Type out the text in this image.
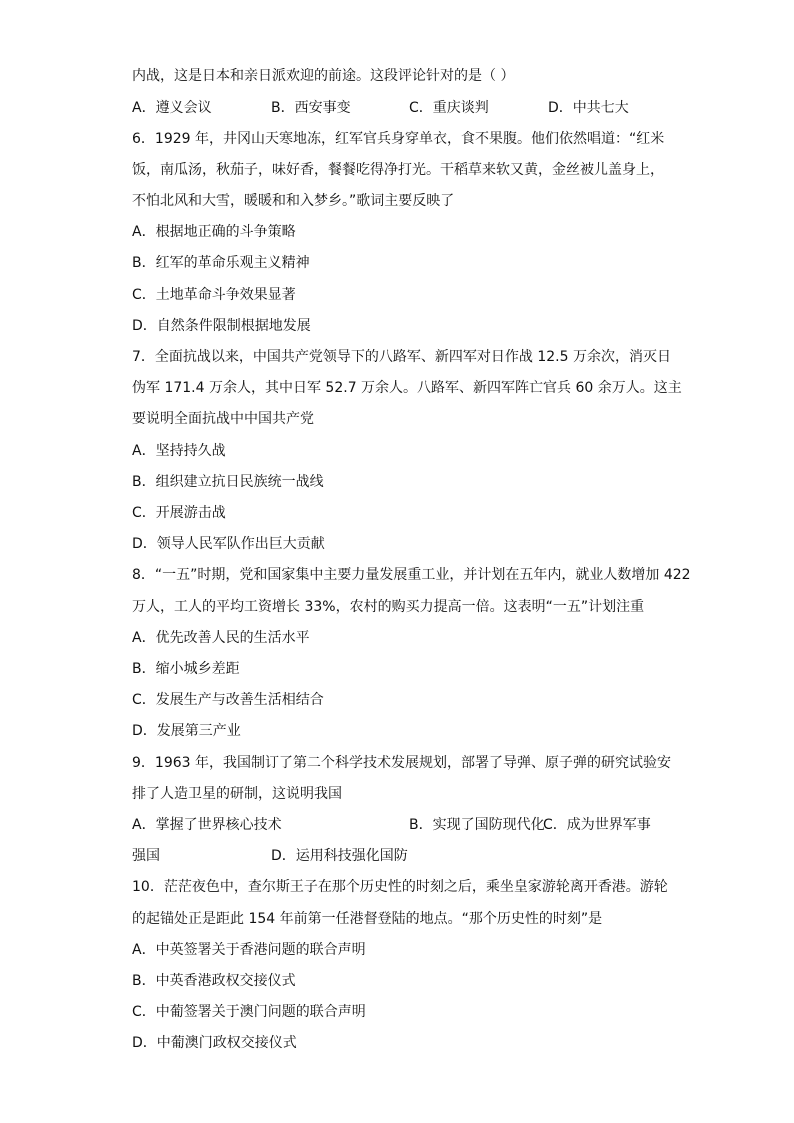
内战，这是日本和亲日派欢迎的前途。这段评论针对的是（ ）
A．遵义会议	B．西安事变	C．重庆谈判	D．中共七大
6．1929 年，井冈山天寒地冻，红军官兵身穿单衣，食不果腹。他们依然唱道：“红米
饭，南瓜汤，秋茄子，味好香，餐餐吃得净打光。干稻草来软又黄，金丝被儿盖身上，
不怕北风和大雪，暖暖和和入梦乡。”歌词主要反映了
A．根据地正确的斗争策略
B．红军的革命乐观主义精神
C．土地革命斗争效果显著
D．自然条件限制根据地发展
7．全面抗战以来，中国共产党领导下的八路军、新四军对日作战 12.5 万余次，消灭日
伪军 171.4 万余人，其中日军 52.7 万余人。八路军、新四军阵亡官兵 60 余万人。这主
要说明全面抗战中中国共产党
A．坚持持久战
B．组织建立抗日民族统一战线
C．开展游击战
D．领导人民军队作出巨大贡献
8．“一五”时期，党和国家集中主要力量发展重工业，并计划在五年内，就业人数增加 422
万人，工人的平均工资增长 33%，农村的购买力提高一倍。这表明“一五”计划注重
A．优先改善人民的生活水平
B．缩小城乡差距
C．发展生产与改善生活相结合
D．发展第三产业
9．1963 年，我国制订了第二个科学技术发展规划，部署了导弹、原子弹的研究试验安
排了人造卫星的研制，这说明我国
A．掌握了世界核心技术	B．实现了国防现代化
C．成为世界军事
强国	D．运用科技强化国防
10．茫茫夜色中，查尔斯王子在那个历史性的时刻之后，乘坐皇家游轮离开香港。游轮
的起锚处正是距此 154 年前第一任港督登陆的地点。“那个历史性的时刻”是
A．中英签署关于香港问题的联合声明
B．中英香港政权交接仪式
C．中葡签署关于澳门问题的联合声明
D．中葡澳门政权交接仪式
